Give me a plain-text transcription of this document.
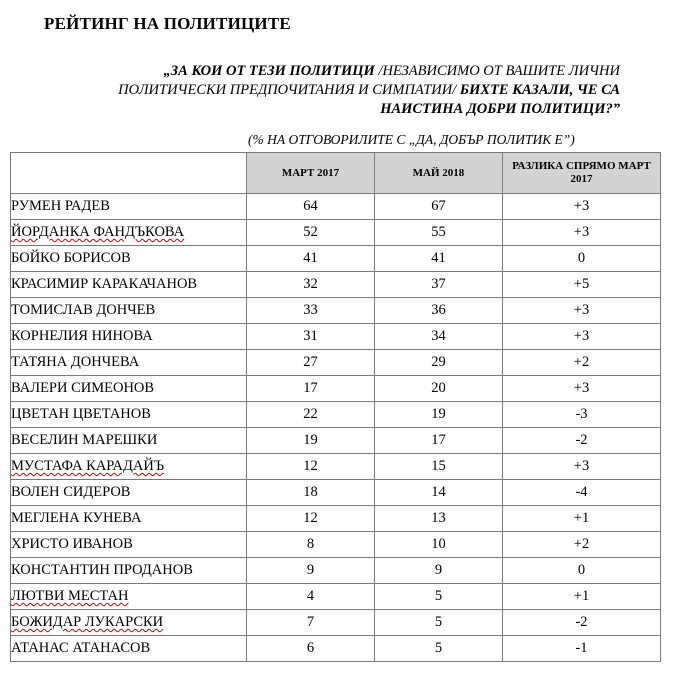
РЕЙТИНГ НА ПОЛИТИЦИТЕ
„ЗА КОИ ОТ ТЕЗИ ПОЛИТИЦИ /НЕЗАВИСИМО ОТ ВАШИТЕ ЛИЧНИ ПОЛИТИЧЕСКИ ПРЕДПОЧИТАНИЯ И СИМПАТИИ/ БИХТЕ КАЗАЛИ, ЧЕ СА НАИСТИНА ДОБРИ ПОЛИТИЦИ?”
(% НА ОТГОВОРИЛИТЕ С „ДА, ДОБЪР ПОЛИТИК Е”)
	МАРТ 2017	МАЙ 2018	РАЗЛИКА СПРЯМО МАРТ 2017
РУМЕН РАДЕВ	64	67	+3
ЙОРДАНКА ФАНДЪКОВА	52	55	+3
БОЙКО БОРИСОВ	41	41	0
КРАСИМИР КАРАКАЧАНОВ	32	37	+5
ТОМИСЛАВ ДОНЧЕВ	33	36	+3
КОРНЕЛИЯ НИНОВА	31	34	+3
ТАТЯНА ДОНЧЕВА	27	29	+2
ВАЛЕРИ СИМЕОНОВ	17	20	+3
ЦВЕТАН ЦВЕТАНОВ	22	19	-3
ВЕСЕЛИН МАРЕШКИ	19	17	-2
МУСТАФА КАРАДАЙЪ	12	15	+3
ВОЛЕН СИДЕРОВ	18	14	-4
МЕГЛЕНА КУНЕВА	12	13	+1
ХРИСТО ИВАНОВ	8	10	+2
КОНСТАНТИН ПРОДАНОВ	9	9	0
ЛЮТВИ МЕСТАН	4	5	+1
БОЖИДАР ЛУКАРСКИ	7	5	-2
АТАНАС АТАНАСОВ	6	5	-1
